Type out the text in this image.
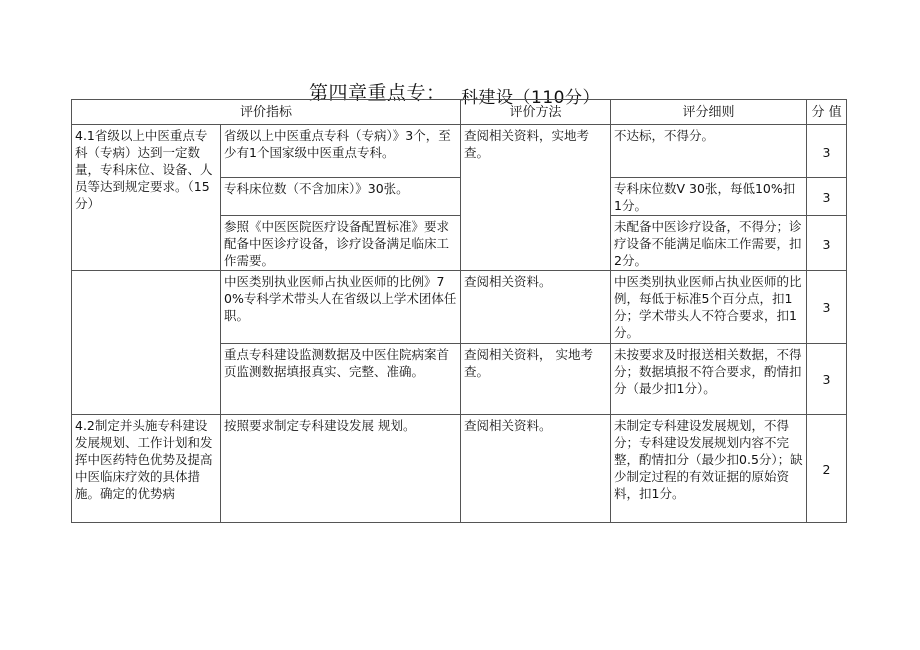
第四章重点专： 科建设（110分）
评价指标		评价方法	评分细则	分 值
4.1省级以上中医重点专科（专病）达到一定数量，专科床位、设备、人员等达到规定要求。（15分）	省级以上中医重点专科（专病）》3个，至少有1个国家级中医重点专科。	查阅相关资料，实地考查。	不达标，不得分。	3
	专科床位数（不含加床）》30张。		专科床位数V 30张，每低10%扣1分。	3
	参照《中医医院医疗设备配置标准》要求配备中医诊疗设备，诊疗设备满足临床工作需要。		未配备中医诊疗设备，不得分；诊疗设备不能满足临床工作需要，扣2分。	3
	中医类别执业医师占执业医师的比例》70%专科学术带头人在省级以上学术团体任职。	查阅相关资料。	中医类别执业医师占执业医师的比例，每低于标准5个百分点，扣1分；学术带头人不符合要求，扣1分。	3
	重点专科建设监测数据及中医住院病案首页监测数据填报真实、完整、准确。	查阅相关资料， 实地考查。	未按要求及时报送相关数据，不得分；数据填报不符合要求，酌情扣分（最少扣1分）。	3
4.2制定并头施专科建设发展规划、工作计划和发挥中医药特色优势及提高中医临床疗效的具体措施。确定的优势病	按照要求制定专科建设发展 规划。	查阅相关资料。	未制定专科建设发展规划，不得分；专科建设发展规划内容不完整，酌情扣分（最少扣0.5分）；缺少制定过程的有效证据的原始资料，扣1分。	2
